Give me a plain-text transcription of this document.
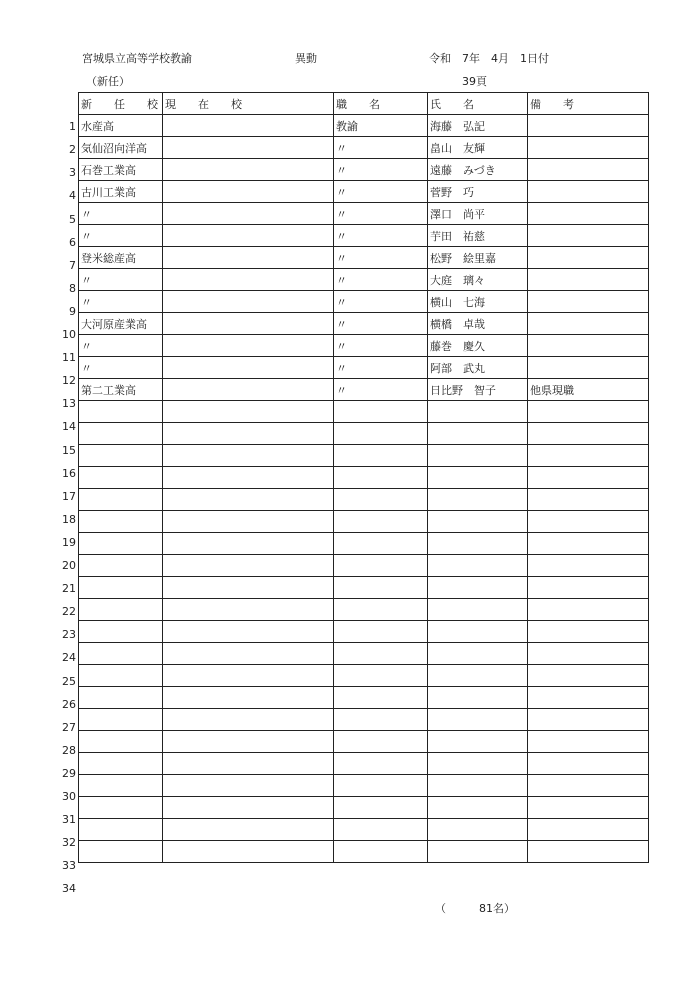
宮城県立高等学校教諭	異動	令和　7年　4月　1日付
（新任）	39頁
1
2
3
4
5
6
7
8
9
10
11
12
13
14
15
16
17
18
19
20
21
22
23
24
25
26
27
28
29
30
31
32
33
34
新　　任　　校	現　　在　　校	職　　名	氏　　名	備　　考
水産高		教諭	海藤　弘記	
気仙沼向洋高		〃	畠山　友輝	
石巻工業高		〃	遠藤　みづき	
古川工業高		〃	菅野　巧	
〃		〃	澤口　尚平	
〃		〃	芋田　祐慈	
登米総産高		〃	松野　絵里嘉	
〃		〃	大庭　璃々	
〃		〃	横山　七海	
大河原産業高		〃	横橋　卓哉	
〃		〃	藤巻　慶久	
〃		〃	阿部　武丸	
第二工業高		〃	日比野　智子	他県現職

（　　　81名）
